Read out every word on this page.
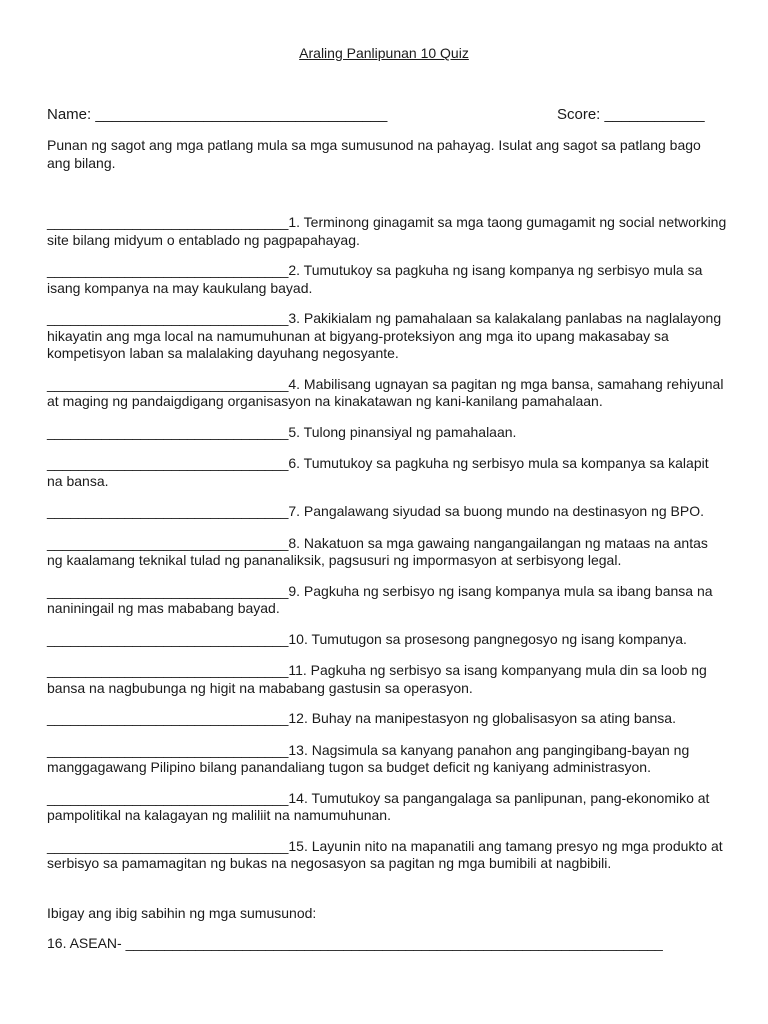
Araling Panlipunan 10 Quiz
Name: ___________________________________	Score: ____________
Punan ng sagot ang mga patlang mula sa mga sumusunod na pahayag. Isulat ang sagot sa patlang bago ang bilang.
_______________________________1. Terminong ginagamit sa mga taong gumagamit ng social networking site bilang midyum o entablado ng pagpapahayag.
_______________________________2. Tumutukoy sa pagkuha ng isang kompanya ng serbisyo mula sa isang kompanya na may kaukulang bayad.
_______________________________3. Pakikialam ng pamahalaan sa kalakalang panlabas na naglalayong hikayatin ang mga local na namumuhunan at bigyang-proteksiyon ang mga ito upang makasabay sa kompetisyon laban sa malalaking dayuhang negosyante.
_______________________________4. Mabilisang ugnayan sa pagitan ng mga bansa, samahang rehiyunal at maging ng pandaigdigang organisasyon na kinakatawan ng kani-kanilang pamahalaan.
_______________________________5. Tulong pinansiyal ng pamahalaan.
_______________________________6. Tumutukoy sa pagkuha ng serbisyo mula sa kompanya sa kalapit na bansa.
_______________________________7. Pangalawang siyudad sa buong mundo na destinasyon ng BPO.
_______________________________8. Nakatuon sa mga gawaing nangangailangan ng mataas na antas ng kaalamang teknikal tulad ng pananaliksik, pagsusuri ng impormasyon at serbisyong legal.
_______________________________9. Pagkuha ng serbisyo ng isang kompanya mula sa ibang bansa na naniningail ng mas mababang bayad.
_______________________________10. Tumutugon sa prosesong pangnegosyo ng isang kompanya.
_______________________________11. Pagkuha ng serbisyo sa isang kompanyang mula din sa loob ng bansa na nagbubunga ng higit na mababang gastusin sa operasyon.
_______________________________12. Buhay na manipestasyon ng globalisasyon sa ating bansa.
_______________________________13. Nagsimula sa kanyang panahon ang pangingibang-bayan ng manggagawang Pilipino bilang panandaliang tugon sa budget deficit ng kaniyang administrasyon.
_______________________________14. Tumutukoy sa pangangalaga sa panlipunan, pang-ekonomiko at pampolitikal na kalagayan ng maliliit na namumuhunan.
_______________________________15. Layunin nito na mapanatili ang tamang presyo ng mga produkto at serbisyo sa pamamagitan ng bukas na negosasyon sa pagitan ng mga bumibili at nagbibili.
Ibigay ang ibig sabihin ng mga sumusunod:
16. ASEAN- _____________________________________________________________________
